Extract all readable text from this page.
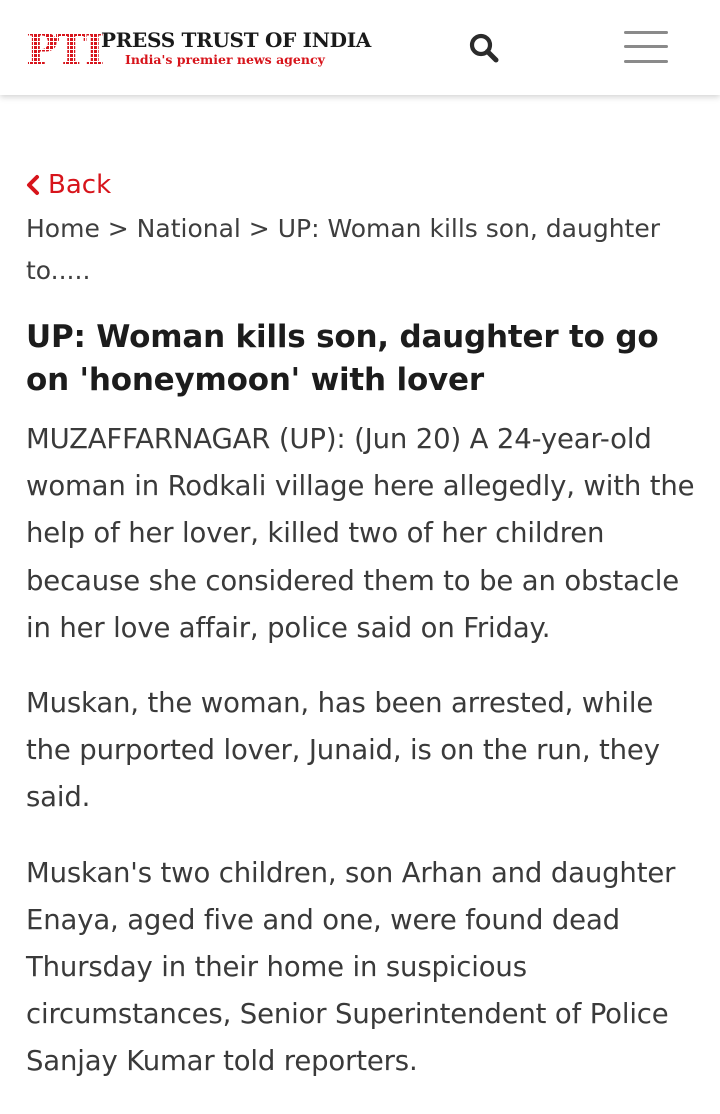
PTI
PRESS TRUST OF INDIA
India's premier news agency
Back
Home > National > UP: Woman kills son, daughter to.....
UP: Woman kills son, daughter to go on 'honeymoon' with lover

MUZAFFARNAGAR (UP): (Jun 20) A 24-year-old woman in Rodkali village here allegedly, with the help of her lover, killed two of her children because she considered them to be an obstacle in her love affair, police said on Friday.

Muskan, the woman, has been arrested, while the purported lover, Junaid, is on the run, they said.

Muskan's two children, son Arhan and daughter Enaya, aged five and one, were found dead Thursday in their home in suspicious circumstances, Senior Superintendent of Police Sanjay Kumar told reporters.
